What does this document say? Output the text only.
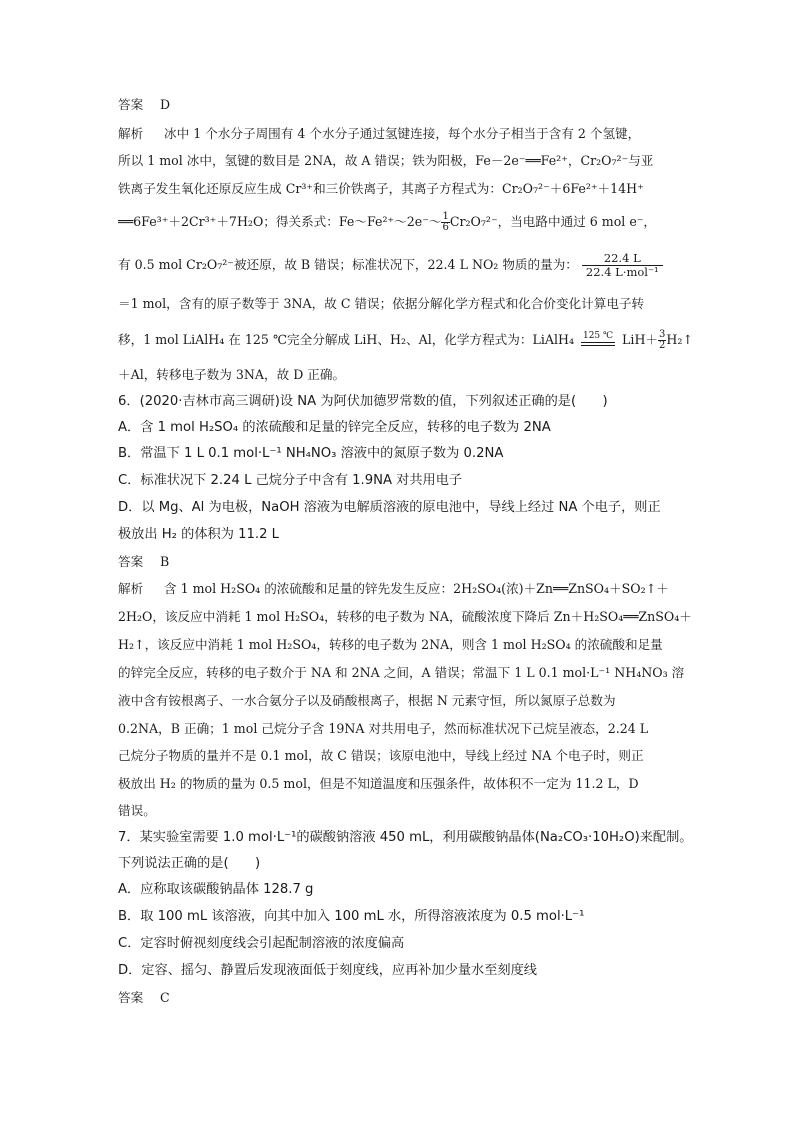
答案 D
解析 冰中 1 个水分子周围有 4 个水分子通过氢键连接，每个水分子相当于含有 2 个氢键，
所以 1 mol 冰中，氢键的数目是 2NA，故 A 错误；铁为阳极，Fe－2e⁻══Fe²⁺，Cr₂O₇²⁻与亚
铁离子发生氧化还原反应生成 Cr³⁺和三价铁离子，其离子方程式为：Cr₂O₇²⁻＋6Fe²⁺＋14H⁺
══6Fe³⁺＋2Cr³⁺＋7H₂O；得关系式：Fe～Fe²⁺～2e⁻～ $\frac{1}{6} Cr_2O_7^{2-}$，当电路中通过 6 mol e⁻，
有 0.5 mol Cr₂O₇²⁻被还原，故 B 错误；标准状况下，22.4 L NO₂ 物质的量为： $\frac{22.4 L}{\text{22.4 L·mol⁻¹}}$
＝1 mol，含有的原子数等于 3NA，故 C 错误；依据分解化学方程式和化合价变化计算电子转
移，1 mol LiAlH₄ 在 125 ℃完全分解成 LiH、H₂、Al，化学方程式为：LiAlH₄ 125 ℃ $LiH+ \frac{3}{2}$ H₂↑
＋Al，转移电子数为 3NA，故 D 正确。
6．(2020·吉林市高三调研)设 NA 为阿伏加德罗常数的值，下列叙述正确的是(　　)
A．含 1 mol H₂SO₄ 的浓硫酸和足量的锌完全反应，转移的电子数为 2NA
B．常温下 1 L 0.1 mol·L⁻¹ NH₄NO₃ 溶液中的氮原子数为 0.2NA
C．标准状况下 2.24 L 己烷分子中含有 1.9NA 对共用电子
D．以 Mg、Al 为电极，NaOH 溶液为电解质溶液的原电池中，导线上经过 NA 个电子，则正
极放出 H₂ 的体积为 11.2 L
答案 B
解析 含 1 mol H₂SO₄ 的浓硫酸和足量的锌先发生反应：2H₂SO₄(浓)＋Zn══ZnSO₄＋SO₂↑＋
2H₂O，该反应中消耗 1 mol H₂SO₄，转移的电子数为 NA，硫酸浓度下降后 Zn＋H₂SO₄══ZnSO₄＋
H₂↑，该反应中消耗 1 mol H₂SO₄，转移的电子数为 2NA，则含 1 mol H₂SO₄ 的浓硫酸和足量
的锌完全反应，转移的电子数介于 NA 和 2NA 之间，A 错误；常温下 1 L 0.1 mol·L⁻¹ NH₄NO₃ 溶
液中含有铵根离子、一水合氨分子以及硝酸根离子，根据 N 元素守恒，所以氮原子总数为
0.2NA，B 正确；1 mol 己烷分子含 19NA 对共用电子，然而标准状况下己烷呈液态，2.24 L
己烷分子物质的量并不是 0.1 mol，故 C 错误；该原电池中，导线上经过 NA 个电子时，则正
极放出 H₂ 的物质的量为 0.5 mol，但是不知道温度和压强条件，故体积不一定为 11.2 L，D
错误。
7．某实验室需要 1.0 mol·L⁻¹的碳酸钠溶液 450 mL，利用碳酸钠晶体(Na₂CO₃·10H₂O)来配制。
下列说法正确的是(　　)
A．应称取该碳酸钠晶体 128.7 g
B．取 100 mL 该溶液，向其中加入 100 mL 水，所得溶液浓度为 0.5 mol·L⁻¹
C．定容时俯视刻度线会引起配制溶液的浓度偏高
D．定容、摇匀、静置后发现液面低于刻度线，应再补加少量水至刻度线
答案 C
